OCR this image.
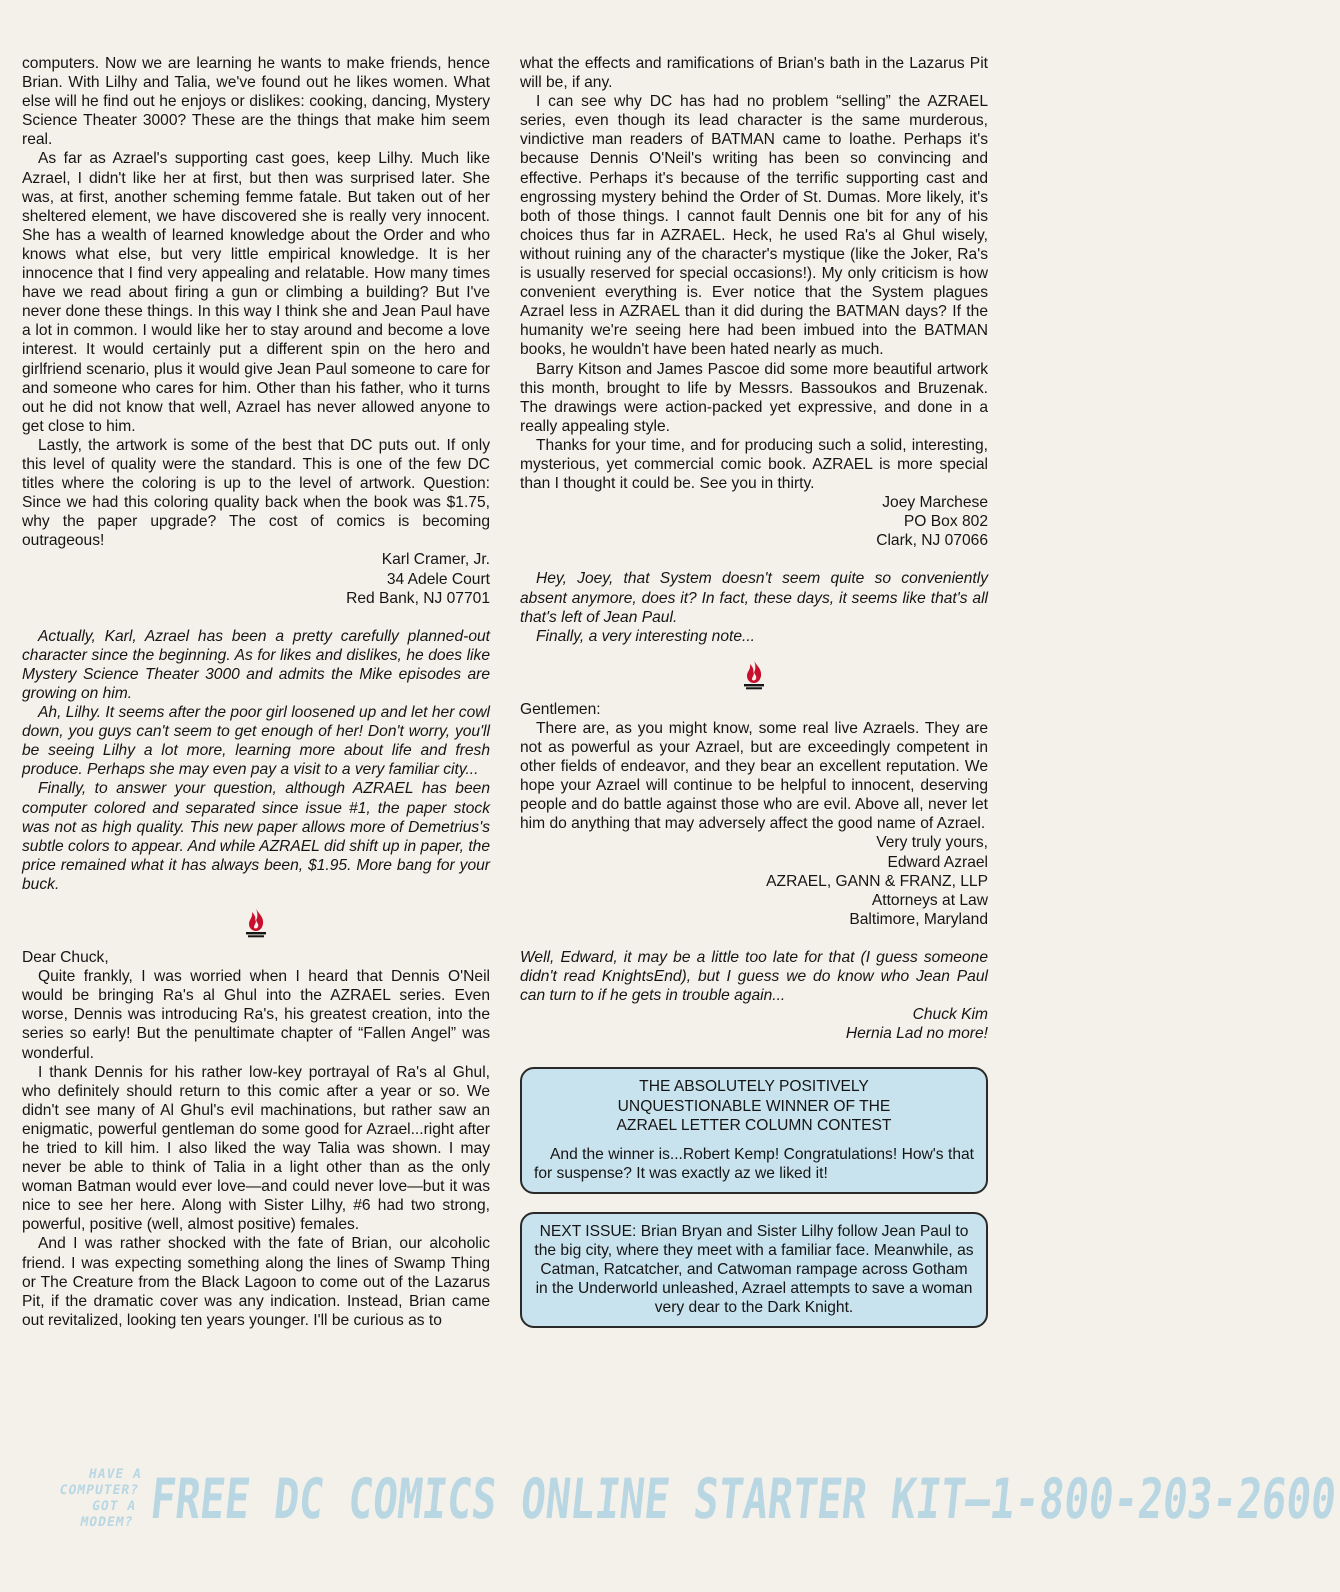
computers. Now we are learning he wants to make friends, hence Brian. With Lilhy and Talia, we've found out he likes women. What else will he find out he enjoys or dislikes: cooking, dancing, Mystery Science Theater 3000? These are the things that make him seem real.

As far as Azrael's supporting cast goes, keep Lilhy. Much like Azrael, I didn't like her at first, but then was surprised later. She was, at first, another scheming femme fatale. But taken out of her sheltered element, we have discovered she is really very innocent. She has a wealth of learned knowledge about the Order and who knows what else, but very little empirical knowledge. It is her innocence that I find very appealing and relatable. How many times have we read about firing a gun or climbing a building? But I've never done these things. In this way I think she and Jean Paul have a lot in common. I would like her to stay around and become a love interest. It would certainly put a different spin on the hero and girlfriend scenario, plus it would give Jean Paul someone to care for and someone who cares for him. Other than his father, who it turns out he did not know that well, Azrael has never allowed anyone to get close to him.

Lastly, the artwork is some of the best that DC puts out. If only this level of quality were the standard. This is one of the few DC titles where the coloring is up to the level of artwork. Question: Since we had this coloring quality back when the book was $1.75, why the paper upgrade? The cost of comics is becoming outrageous!

Karl Cramer, Jr.
34 Adele Court
Red Bank, NJ 07701

Actually, Karl, Azrael has been a pretty carefully planned-out character since the beginning. As for likes and dislikes, he does like Mystery Science Theater 3000 and admits the Mike episodes are growing on him.

Ah, Lilhy. It seems after the poor girl loosened up and let her cowl down, you guys can't seem to get enough of her! Don't worry, you'll be seeing Lilhy a lot more, learning more about life and fresh produce. Perhaps she may even pay a visit to a very familiar city...

Finally, to answer your question, although AZRAEL has been computer colored and separated since issue #1, the paper stock was not as high quality. This new paper allows more of Demetrius's subtle colors to appear. And while AZRAEL did shift up in paper, the price remained what it has always been, $1.95. More bang for your buck.

Dear Chuck,

Quite frankly, I was worried when I heard that Dennis O'Neil would be bringing Ra's al Ghul into the AZRAEL series. Even worse, Dennis was introducing Ra's, his greatest creation, into the series so early! But the penultimate chapter of “Fallen Angel” was wonderful.

I thank Dennis for his rather low-key portrayal of Ra's al Ghul, who definitely should return to this comic after a year or so. We didn't see many of Al Ghul's evil machinations, but rather saw an enigmatic, powerful gentleman do some good for Azrael...right after he tried to kill him. I also liked the way Talia was shown. I may never be able to think of Talia in a light other than as the only woman Batman would ever love—and could never love—but it was nice to see her here. Along with Sister Lilhy, #6 had two strong, powerful, positive (well, almost positive) females.

And I was rather shocked with the fate of Brian, our alcoholic friend. I was expecting something along the lines of Swamp Thing or The Creature from the Black Lagoon to come out of the Lazarus Pit, if the dramatic cover was any indication. Instead, Brian came out revitalized, looking ten years younger. I'll be curious as to

what the effects and ramifications of Brian's bath in the Lazarus Pit will be, if any.

I can see why DC has had no problem “selling” the AZRAEL series, even though its lead character is the same murderous, vindictive man readers of BATMAN came to loathe. Perhaps it's because Dennis O'Neil's writing has been so convincing and effective. Perhaps it's because of the terrific supporting cast and engrossing mystery behind the Order of St. Dumas. More likely, it's both of those things. I cannot fault Dennis one bit for any of his choices thus far in AZRAEL. Heck, he used Ra's al Ghul wisely, without ruining any of the character's mystique (like the Joker, Ra's is usually reserved for special occasions!). My only criticism is how convenient everything is. Ever notice that the System plagues Azrael less in AZRAEL than it did during the BATMAN days? If the humanity we're seeing here had been imbued into the BATMAN books, he wouldn't have been hated nearly as much.

Barry Kitson and James Pascoe did some more beautiful artwork this month, brought to life by Messrs. Bassoukos and Bruzenak. The drawings were action-packed yet expressive, and done in a really appealing style.

Thanks for your time, and for producing such a solid, interesting, mysterious, yet commercial comic book. AZRAEL is more special than I thought it could be. See you in thirty.

Joey Marchese
PO Box 802
Clark, NJ 07066

Hey, Joey, that System doesn't seem quite so conveniently absent anymore, does it? In fact, these days, it seems like that's all that's left of Jean Paul.

Finally, a very interesting note...

Gentlemen:

There are, as you might know, some real live Azraels. They are not as powerful as your Azrael, but are exceedingly competent in other fields of endeavor, and they bear an excellent reputation. We hope your Azrael will continue to be helpful to innocent, deserving people and do battle against those who are evil. Above all, never let him do anything that may adversely affect the good name of Azrael.

Very truly yours,
Edward Azrael
AZRAEL, GANN & FRANZ, LLP
Attorneys at Law
Baltimore, Maryland

Well, Edward, it may be a little too late for that (I guess someone didn't read KnightsEnd), but I guess we do know who Jean Paul can turn to if he gets in trouble again...

Chuck Kim
Hernia Lad no more!
THE ABSOLUTELY POSITIVELY
UNQUESTIONABLE WINNER OF THE
AZRAEL LETTER COLUMN CONTEST
And the winner is...Robert Kemp! Congratulations! How's that for suspense? It was exactly az we liked it!
NEXT ISSUE: Brian Bryan and Sister Lilhy follow Jean Paul to the big city, where they meet with a familiar face. Meanwhile, as Catman, Ratcatcher, and Catwoman rampage across Gotham in the Underworld unleashed, Azrael attempts to save a woman very dear to the Dark Knight.
HAVE A COMPUTER?
GOT A MODEM? FREE DC COMICS ONLINE STARTER KIT—1-800-203-2600
